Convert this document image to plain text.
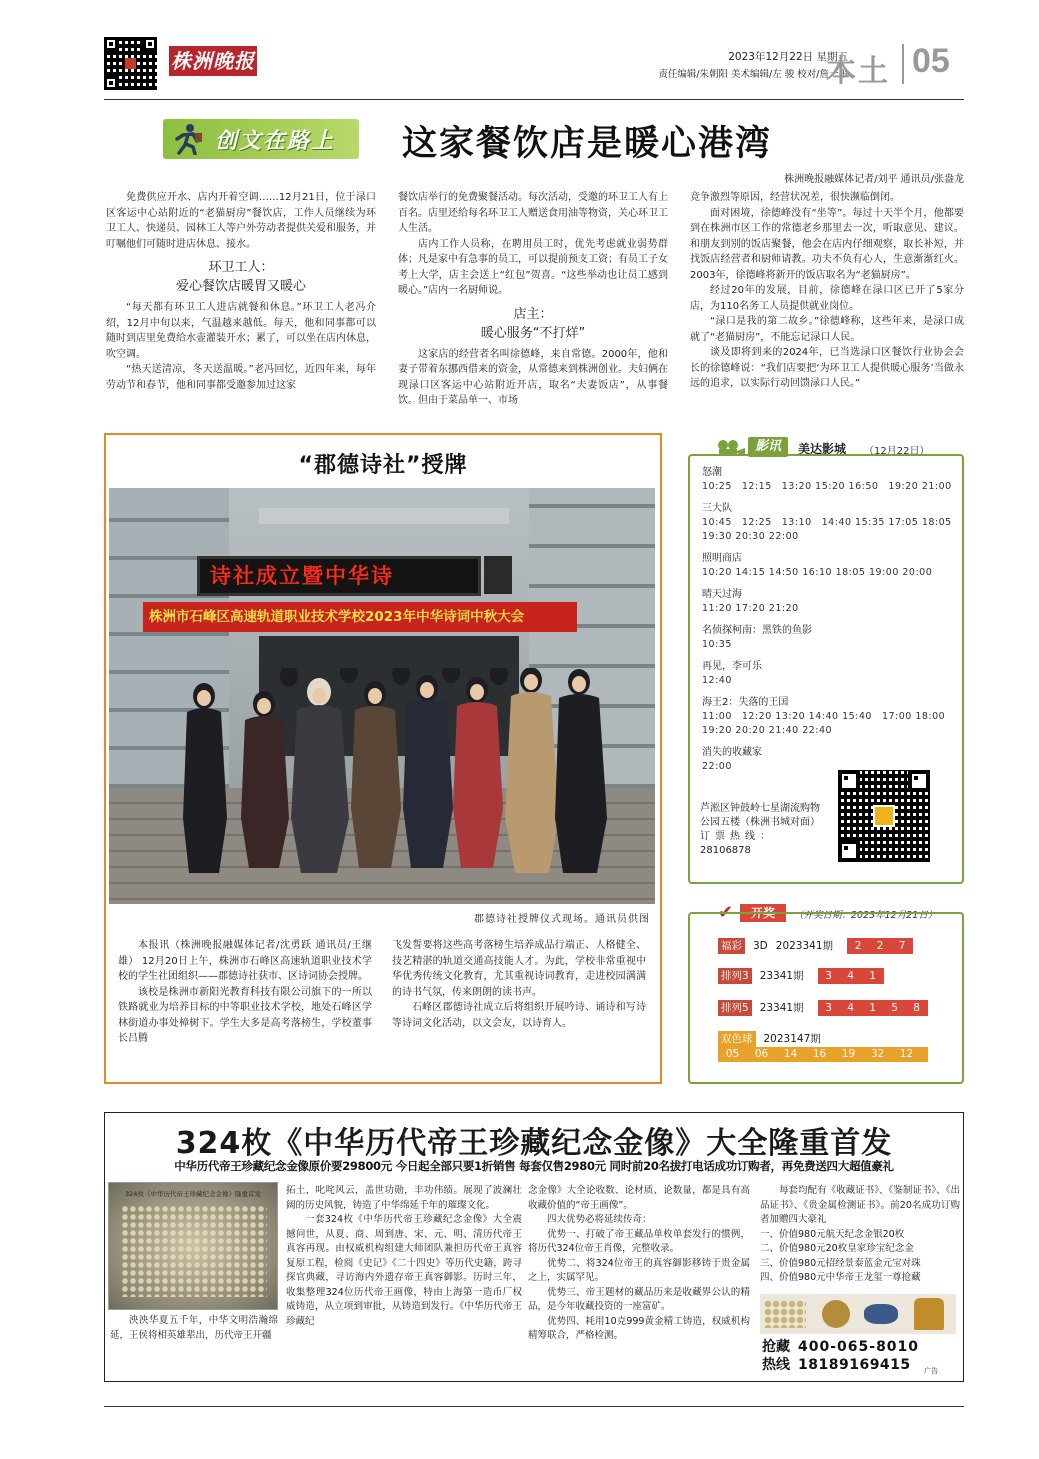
株洲晚报	2023年12月22日 星期五
责任编辑/朱朝阳 美术编辑/左 骏 校对/詹一平
本土 05
创文在路上 这家餐饮店是暖心港湾
株洲晚报融媒体记者/刘平 通讯员/张盎龙

免费供应开水、店内开着空调……12月21日，位于渌口区客运中心站附近的“老猫厨房”餐饮店，工作人员继续为环卫工人、快递员、园林工人等户外劳动者提供关爱和服务，并叮嘱他们可随时进店休息、接水。

环卫工人：
爱心餐饮店暖胃又暖心

“每天都有环卫工人进店就餐和休息。”环卫工人老冯介绍，12月中旬以来，气温越来越低。每天，他和同事都可以随时到店里免费给水壶灌装开水；累了，可以坐在店内休息，吹空调。

“热天送清凉，冬天送温暖。”老冯回忆，近四年来，每年劳动节和春节，他和同事都受邀参加过这家

餐饮店举行的免费聚餐活动。每次活动，受邀的环卫工人有上百名。店里还给每名环卫工人赠送食用油等物资，关心环卫工人生活。

店内工作人员称，在聘用员工时，优先考虑就业弱势群体；凡是家中有急事的员工，可以提前预支工资；有员工子女考上大学，店主会送上“红包”贺喜。“这些举动也让员工感到暖心。”店内一名厨师说。

店主：
暖心服务“不打烊”

这家店的经营者名叫徐德峰，来自常德。2000年，他和妻子带着东挪西借来的资金，从常德来到株洲创业。夫妇俩在现渌口区客运中心站附近开店，取名“夫妻饭店”，从事餐饮。但由于菜品单一、市场

竞争激烈等原因，经营状况差，很快濒临倒闭。

面对困境，徐德峰没有“坐等”。每过十天半个月，他都要到在株洲市区工作的常德老乡那里去一次，听取意见、建议。和朋友到别的饭店聚餐，他会在店内仔细观察，取长补短，并找饭店经营者和厨师请教。功夫不负有心人，生意渐渐红火。2003年，徐德峰将新开的饭店取名为“老猫厨房”。

经过20年的发展，目前，徐德峰在渌口区已开了5家分店，为110名务工人员提供就业岗位。

“渌口是我的第二故乡。”徐德峰称，这些年来，是渌口成就了“老猫厨房”，不能忘记渌口人民。

谈及即将到来的2024年，已当选渌口区餐饮行业协会会长的徐德峰说：“我们店要把‘为环卫工人提供暖心服务’当做永远的追求，以实际行动回馈渌口人民。”

“郡德诗社”授牌
诗社成立暨中华诗
株洲市石峰区高速轨道职业技术学校2023年中华诗词中秋大会
郡德诗社授牌仪式现场。通讯员供图

本报讯（株洲晚报融媒体记者/沈勇跃 通讯员/王继雄） 12月20日上午，株洲市石峰区高速轨道职业技术学校的学生社团组织——郡德诗社获市、区诗词协会授牌。

该校是株洲市新阳光教育科技有限公司旗下的一所以铁路就业为培养目标的中等职业技术学校，地处石峰区学林街道办事处樟树下。学生大多是高考落榜生，学校董事长吕腾

飞发誓要将这些高考落榜生培养成品行端正、人格健全、技艺精湛的轨道交通高技能人才。为此，学校非常重视中华优秀传统文化教育，尤其重视诗词教育，走进校园满满的诗书气氛，传来朗朗的读书声。

石峰区郡德诗社成立后将组织开展吟诗、诵诗和写诗等诗词文化活动，以文会友，以诗育人。

影讯	美达影城 （12月22日）
怒潮
10:25　12:15　13:20 15:20 16:50　19:20 21:00
三大队
10:45　12:25　13:10　14:40 15:35 17:05 18:05
19:30 20:30 22:00
照明商店
10:20 14:15 14:50 16:10 18:05 19:00 20:00
晴天过海
11:20 17:20 21:20
名侦探柯南：黑铁的鱼影
10:35
再见，李可乐
12:40
海王2：失落的王国
11:00　12:20 13:20 14:40 15:40　17:00 18:00
19:20 20:20 21:40 22:40
消失的收藏家
22:00
芦淞区钟鼓岭七星湖流购物公园五楼（株洲书城对面）
订票热线：
28106878
✔	开奖	（开奖日期：2023年12月21日）
福彩 3D 2023341期 2 2 7
排列3 23341期 3 4 1
排列5 23341期 3 4 1 5 8
双色球 2023147期
05 06 14 16 19 32 12
324枚《中华历代帝王珍藏纪念金像》大全隆重首发
中华历代帝王珍藏纪念金像原价要29800元 今日起全部只要1折销售 每套仅售2980元 同时前20名拔打电话成功订购者，再免费送四大超值豪礼
324枚《中华历代帝王珍藏纪念金像》隆重首发

泱泱华夏五千年，中华文明浩瀚绵延，王侯将相英雄辈出，历代帝王开疆

拓土，叱咤风云，盖世功勋，丰功伟绩。展现了波澜壮阔的历史风貌，铸造了中华绵延千年的璀璨文化。

一套324枚《中华历代帝王珍藏纪念金像》大全震撼问世，从夏、商、周到唐、宋、元、明、清历代帝王真容再现。由权威机构组建大师团队兼担历代帝王真容复原工程，检阅《史记》《二十四史》等历代史籍，跨寻探官典藏，寻访海内外遗存帝王真容御影。历时三年，收集整理324位历代帝王画像，特由上海第一造币厂权威铸造，从立项到审批，从铸造到发行。《中华历代帝王珍藏纪

念金像》大全论收数、论材质、论数量，都是具有高收藏价值的“帝王画像”。

四大优势必将延续传奇：

优势一、打破了帝王藏品单枚单套发行的惯例，将历代324位帝王肖像，完整收录。

优势二、将324位帝王的真容御影移铸于贵金属之上，实属罕见。

优势三、帝王题材的藏品历来是收藏界公认的精品，是今年收藏投资的一座富矿。

优势四、耗用10克999黄金精工铸造，权威机构精筹联合，严格检测。

每套均配有《收藏证书》、《鉴制证书》、《出品证书》、《贵金属检测证书》。前20名成功订购者加赠四大豪礼

一、价值980元航天纪念金银20枚
二、价值980元20枚皇家珍宝纪念金
三、价值980元招经景泰蓝金元宝对珠
四、价值980元中华帝王龙玺一尊抢藏
抢藏 400-065-8010
热线 18189169415	广告
